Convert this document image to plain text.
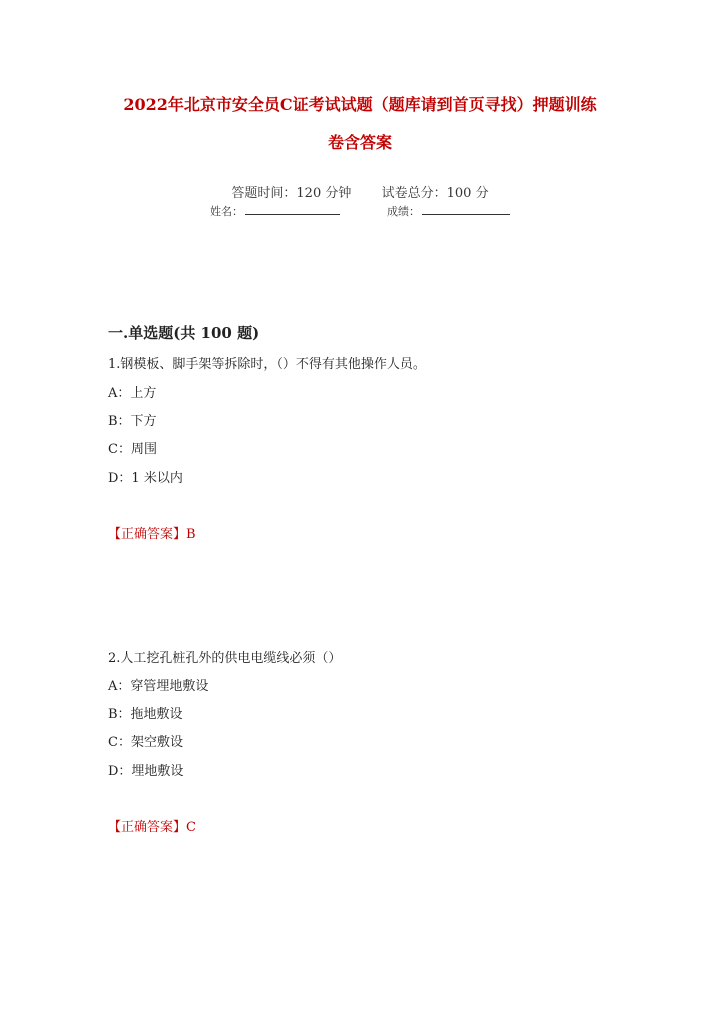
2022年北京市安全员C证考试试题（题库请到首页寻找）押题训练
卷含答案
答题时间：120 分钟 试卷总分：100 分
姓名：	成绩：
一.单选题(共 100 题)
1.钢模板、脚手架等拆除时，（）不得有其他操作人员。
A：上方
B：下方
C：周围
D：1 米以内
【正确答案】B
2.人工挖孔桩孔外的供电电缆线必须（）
A：穿管埋地敷设
B：拖地敷设
C：架空敷设
D：埋地敷设
【正确答案】C
